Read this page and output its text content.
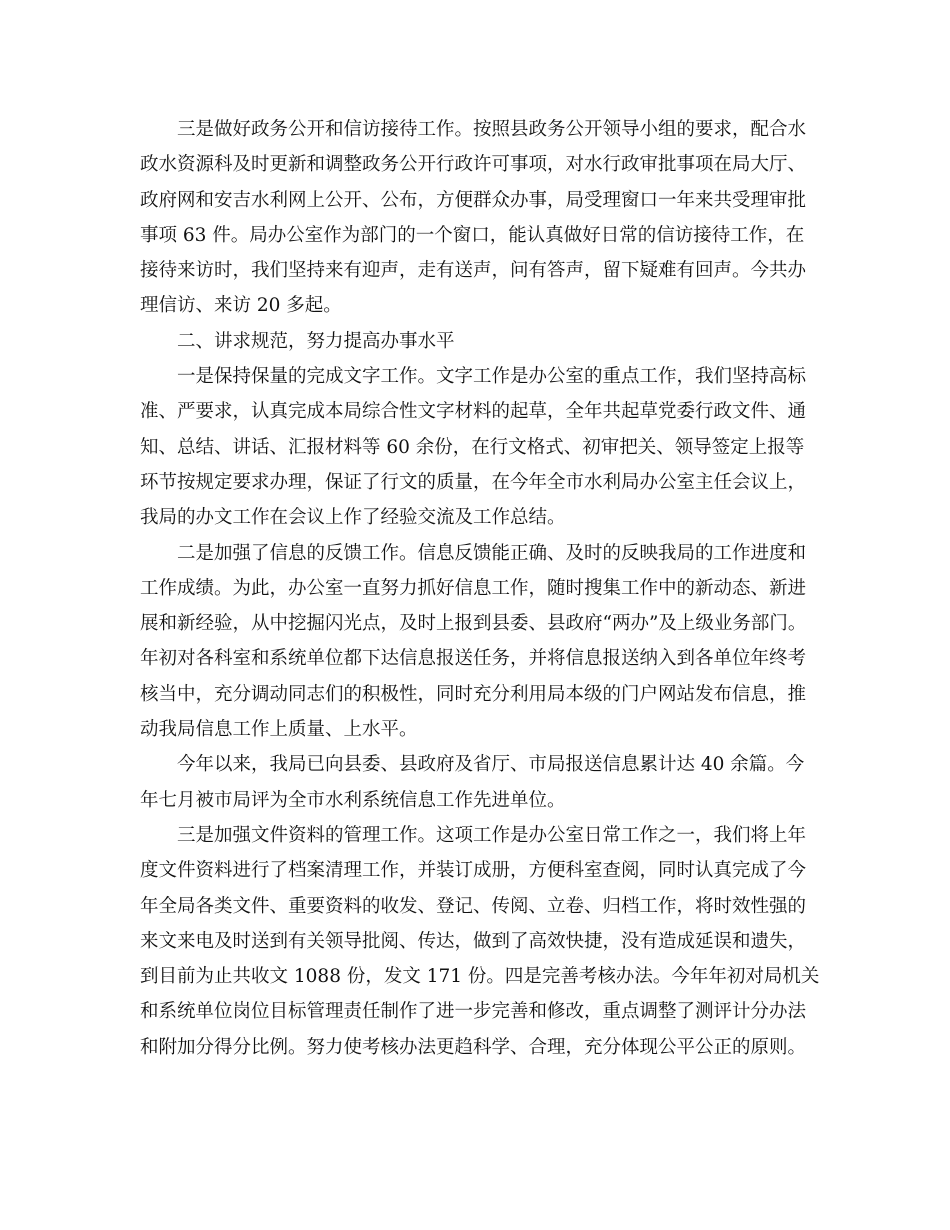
三是做好政务公开和信访接待工作。按照县政务公开领导小组的要求，配合水
政水资源科及时更新和调整政务公开行政许可事项，对水行政审批事项在局大厅、
政府网和安吉水利网上公开、公布，方便群众办事，局受理窗口一年来共受理审批
事项 63 件。局办公室作为部门的一个窗口，能认真做好日常的信访接待工作，在
接待来访时，我们坚持来有迎声，走有送声，问有答声，留下疑难有回声。今共办
理信访、来访 20 多起。
二、讲求规范，努力提高办事水平
一是保持保量的完成文字工作。文字工作是办公室的重点工作，我们坚持高标
准、严要求，认真完成本局综合性文字材料的起草，全年共起草党委行政文件、通
知、总结、讲话、汇报材料等 60 余份，在行文格式、初审把关、领导签定上报等
环节按规定要求办理，保证了行文的质量，在今年全市水利局办公室主任会议上，
我局的办文工作在会议上作了经验交流及工作总结。
二是加强了信息的反馈工作。信息反馈能正确、及时的反映我局的工作进度和
工作成绩。为此，办公室一直努力抓好信息工作，随时搜集工作中的新动态、新进
展和新经验，从中挖掘闪光点，及时上报到县委、县政府“两办”及上级业务部门。
年初对各科室和系统单位都下达信息报送任务，并将信息报送纳入到各单位年终考
核当中，充分调动同志们的积极性，同时充分利用局本级的门户网站发布信息，推
动我局信息工作上质量、上水平。
今年以来，我局已向县委、县政府及省厅、市局报送信息累计达 40 余篇。今
年七月被市局评为全市水利系统信息工作先进单位。
三是加强文件资料的管理工作。这项工作是办公室日常工作之一，我们将上年
度文件资料进行了档案清理工作，并装订成册，方便科室查阅，同时认真完成了今
年全局各类文件、重要资料的收发、登记、传阅、立卷、归档工作，将时效性强的
来文来电及时送到有关领导批阅、传达，做到了高效快捷，没有造成延误和遗失，
到目前为止共收文 1088 份，发文 171 份。四是完善考核办法。今年年初对局机关
和系统单位岗位目标管理责任制作了进一步完善和修改，重点调整了测评计分办法
和附加分得分比例。努力使考核办法更趋科学、合理，充分体现公平公正的原则。
